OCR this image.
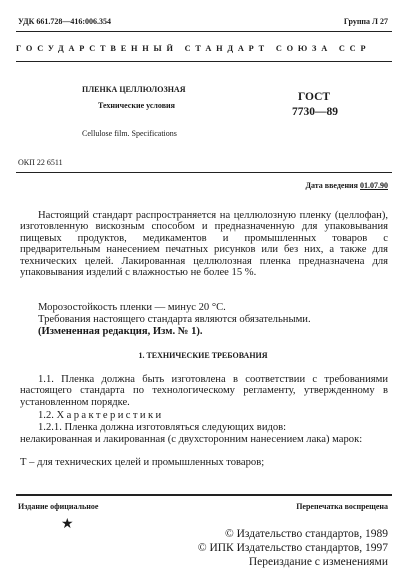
УДК 661.728—416:006.354	Группа Л 27
ГОСУДАРСТВЕННЫЙ СТАНДАРТ СОЮЗА ССР
ПЛЕНКА ЦЕЛЛЮЛОЗНАЯ
Технические условия
Cellulose film. Specifications
ГОСТ
7730—89
ОКП 22 6511
Дата введения 01.07.90
Настоящий стандарт распространяется на целлюлозную пленку (целлофан), изготовленную вискозным способом и предназначенную для упаковывания пищевых продуктов, медикаментов и промышленных товаров с предварительным нанесением печатных рисунков или без них, а также для технических целей. Лакированная целлюлозная пленка предназначена для упаковывания изделий с влажностью не более 15 %.
Морозостойкость пленки — минус 20 °С.
Требования настоящего стандарта являются обязательными.
(Измененная редакция, Изм. № 1).
1. ТЕХНИЧЕСКИЕ ТРЕБОВАНИЯ
1.1. Пленка должна быть изготовлена в соответствии с требованиями настоящего стандарта по технологическому регламенту, утвержденному в установленном порядке.
1.2. Характеристики
1.2.1. Пленка должна изготовляться следующих видов:
нелакированная и лакированная (с двухсторонним нанесением лака) марок:
Т – для технических целей и промышленных товаров;
Издание официальное	Перепечатка воспрещена
★
© Издательство стандартов, 1989
© ИПК Издательство стандартов, 1997
Переиздание с изменениями
